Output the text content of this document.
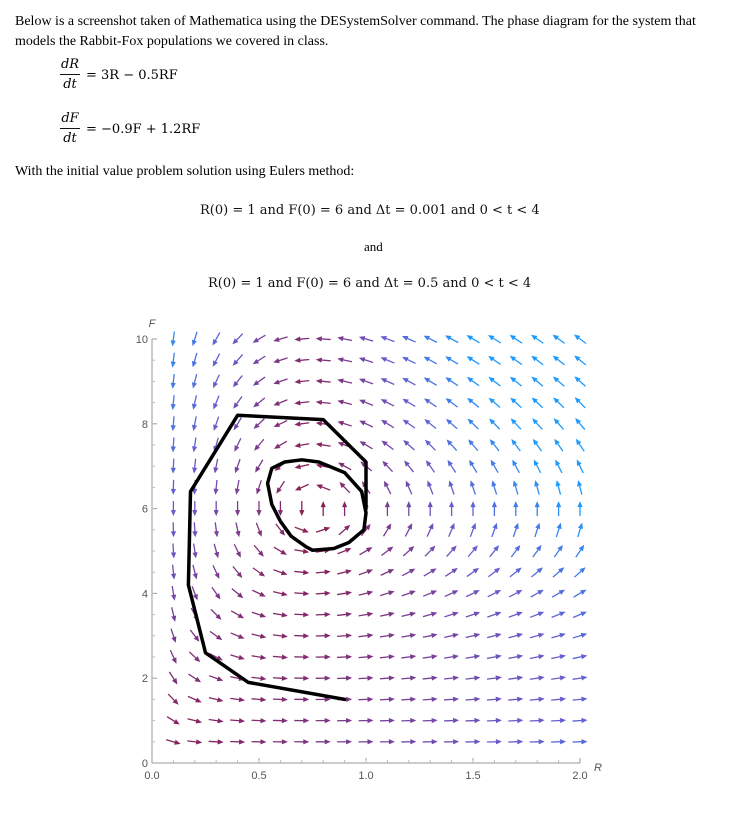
Below is a screenshot taken of Mathematica using the DESystemSolver command. The phase diagram for the system that
models the Rabbit-Fox populations we covered in class.
dR
dt
= 3R − 0.5RF
dF
dt
= −0.9F + 1.2RF
With the initial value problem solution using Eulers method:
R(0) = 1 and F(0) = 6 and Δt = 0.001 and 0 < t < 4
and
R(0) = 1 and F(0) = 6 and Δt = 0.5 and 0 < t < 4
0.0	0.5	1.0	1.5	2.0
0
2
4
6
8
10
R
F
